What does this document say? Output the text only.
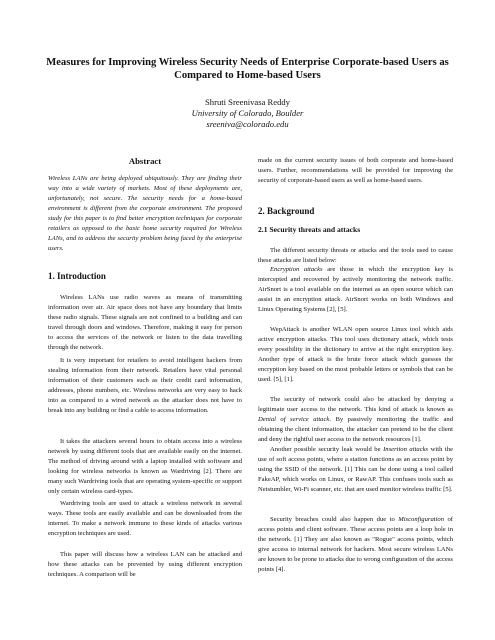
Measures for Improving Wireless Security Needs of Enterprise Corporate-based Users as Compared to Home-based Users
Shruti Sreenivasa Reddy
University of Colorado, Boulder
sreeniva@colorado.edu
Abstract
Wireless LANs are being deployed ubiquitously. They are finding their way into a wide variety of markets. Most of these deployments are, unfortunately, not secure. The security needs for a home-based environment is different from the corporate environment. The proposed study for this paper is to find better encryption techniques for corporate retailers as opposed to the basic home security required for Wireless LANs, and to address the security problem being faced by the enterprise users.
1. Introduction
Wireless LANs use radio waves as means of transmitting information over air. Air space does not have any boundary that limits these radio signals. These signals are not confined to a building and can travel through doors and windows. Therefore, making it easy for person to access the services of the network or listen to the data travelling through the network.
It is very important for retailers to avoid intelligent hackers from stealing information from their network. Retailers have vital personal information of their customers such as their credit card information, addresses, phone numbers, etc. Wireless networks are very easy to hack into as compared to a wired network as the attacker does not have to break into any building or find a cable to access information.
It takes the attackers several hours to obtain access into a wireless network by using different tools that are available easily on the internet. The method of driving around with a laptop installed with software and looking for wireless networks is known as Wardriving [2]. There are many such Wardriving tools that are operating system-specific or support only certain wireless card-types.
Wardriving tools are used to attack a wireless network in several ways. These tools are easily available and can be downloaded from the internet. To make a network immune to these kinds of attacks various encryption techniques are used.
This paper will discuss how a wireless LAN can be attacked and how these attacks can be prevented by using different encryption techniques. A comparison will be
made on the current security issues of both corporate and home-based users. Further, recommendations will be provided for improving the security of corporate-based users as well as home-based users.
2. Background
2.1 Security threats and attacks
The different security threats or attacks and the tools used to cause these attacks are listed below:
Encryption attacks are those in which the encryption key is intercepted and recovered by actively monitoring the network traffic. AirSnort is a tool available on the internet as an open source which can assist in an encryption attack. AirSnort works on both Windows and Linux Operating Systems [2], [5].
WepAttack is another WLAN open source Linux tool which aids active encryption attacks. This tool uses dictionary attack, which tests every possibility in the dictionary to arrive at the right encryption key. Another type of attack is the brute force attack which guesses the encryption key based on the most probable letters or symbols that can be used. [5], [1].
The security of network could also be attacked by denying a legitimate user access to the network. This kind of attack is known as Denial of service attack. By passively monitoring the traffic and obtaining the client information, the attacker can pretend to be the client and deny the rightful user access to the network resources [1].
Another possible security leak would be Insertion attacks with the use of soft access points, where a station functions as an access point by using the SSID of the network. [1] This can be done using a tool called FakeAP, which works on Linux, or RawAP. This confuses tools such as Netstumbler, Wi-Fi scanner, etc. that are used monitor wireless traffic [5].
Security breaches could also happen due to Misconfiguration of access points and client software. These access points are a loop hole in the network. [1] They are also known as "Rogue" access points, which give access to internal network for hackers. Most secure wireless LANs are known to be prone to attacks due to wrong configuration of the access points [4].
